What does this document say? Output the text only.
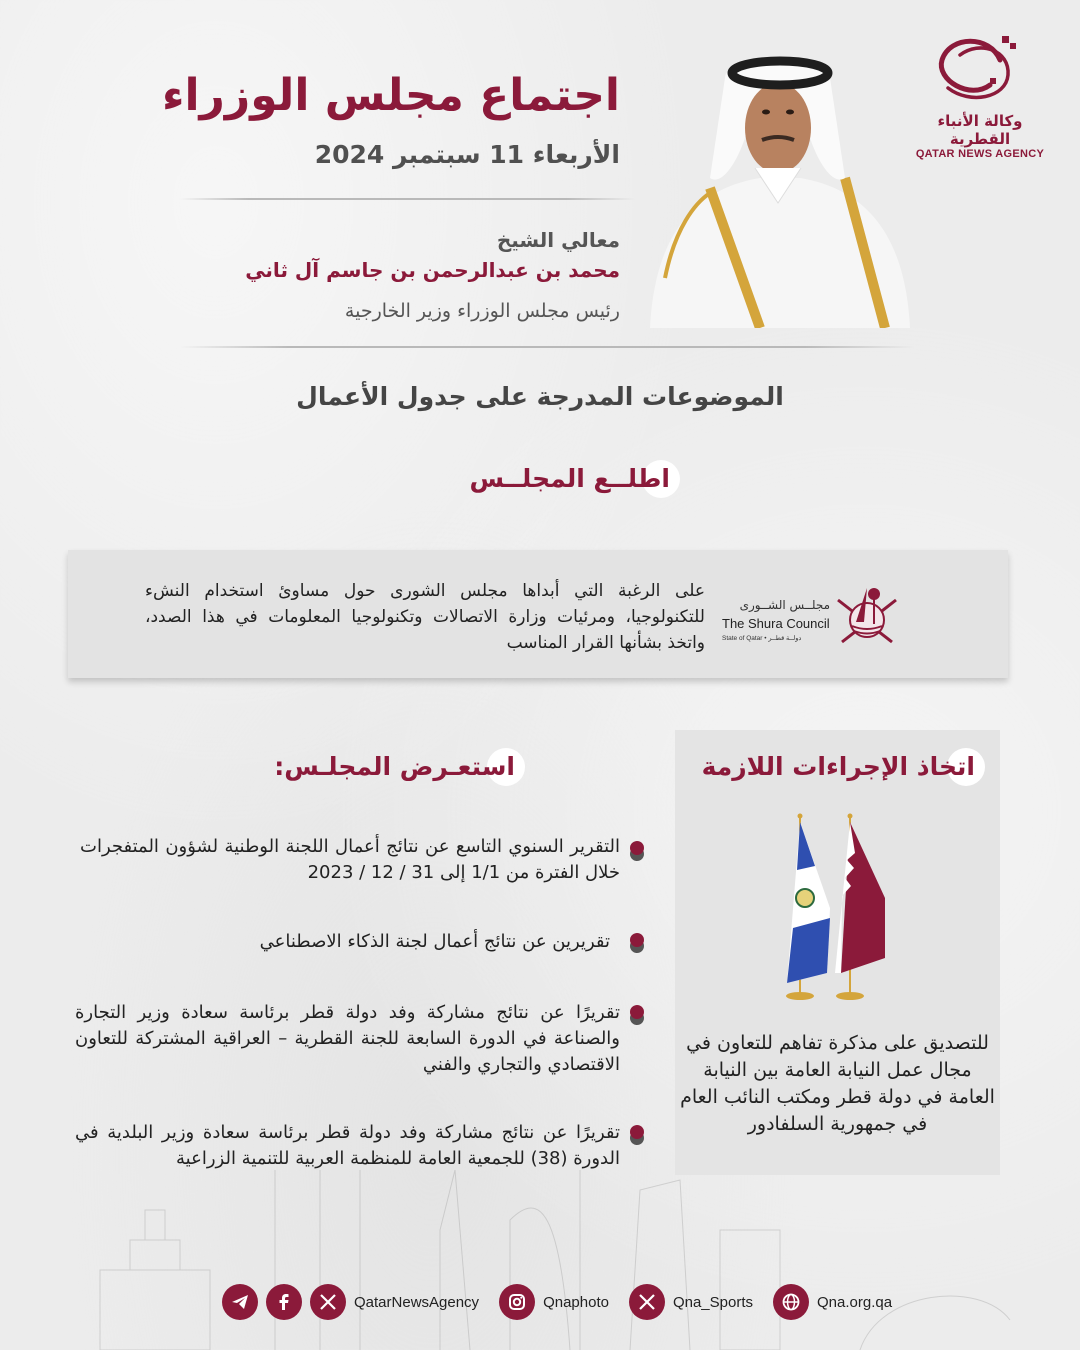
وكالة الأنباء القطرية
QATAR NEWS AGENCY
اجتماع مجلس الوزراء
الأربعاء 11 سبتمبر 2024
معالي الشيخ
محمد بن عبدالرحمن بن جاسم آل ثاني
رئيس مجلس الوزراء وزير الخارجية
الموضوعات المدرجة على جدول الأعمال
اطلــع المجلــس
على الرغبة التي أبداها مجلس الشورى حول مساوئ استخدام النشء للتكنولوجيا، ومرئيات وزارة الاتصالات وتكنولوجيا المعلومات في هذا الصدد، واتخذ بشأنها القرار المناسب
مجلــس الشــورى
The Shura Council
State of Qatar • دولــة قطــر
اتخاذ الإجراءات اللازمة
للتصديق على مذكرة تفاهم للتعاون في مجال عمل النيابة العامة بين النيابة العامة في دولة قطر ومكتب النائب العام في جمهورية السلفادور
استعـرض المجلـس:
التقرير السنوي التاسع عن نتائج أعمال اللجنة الوطنية لشؤون المتفجرات خلال الفترة من 1/1 إلى 31 / 12 / 2023
تقريرين عن نتائج أعمال لجنة الذكاء الاصطناعي
تقريرًا عن نتائج مشاركة وفد دولة قطر برئاسة سعادة وزير التجارة والصناعة في الدورة السابعة للجنة القطرية – العراقية المشتركة للتعاون الاقتصادي والتجاري والفني
تقريرًا عن نتائج مشاركة وفد دولة قطر برئاسة سعادة وزير البلدية في الدورة (38) للجمعية العامة للمنظمة العربية للتنمية الزراعية
QatarNewsAgency	Qnaphoto	Qna_Sports	Qna.org.qa
